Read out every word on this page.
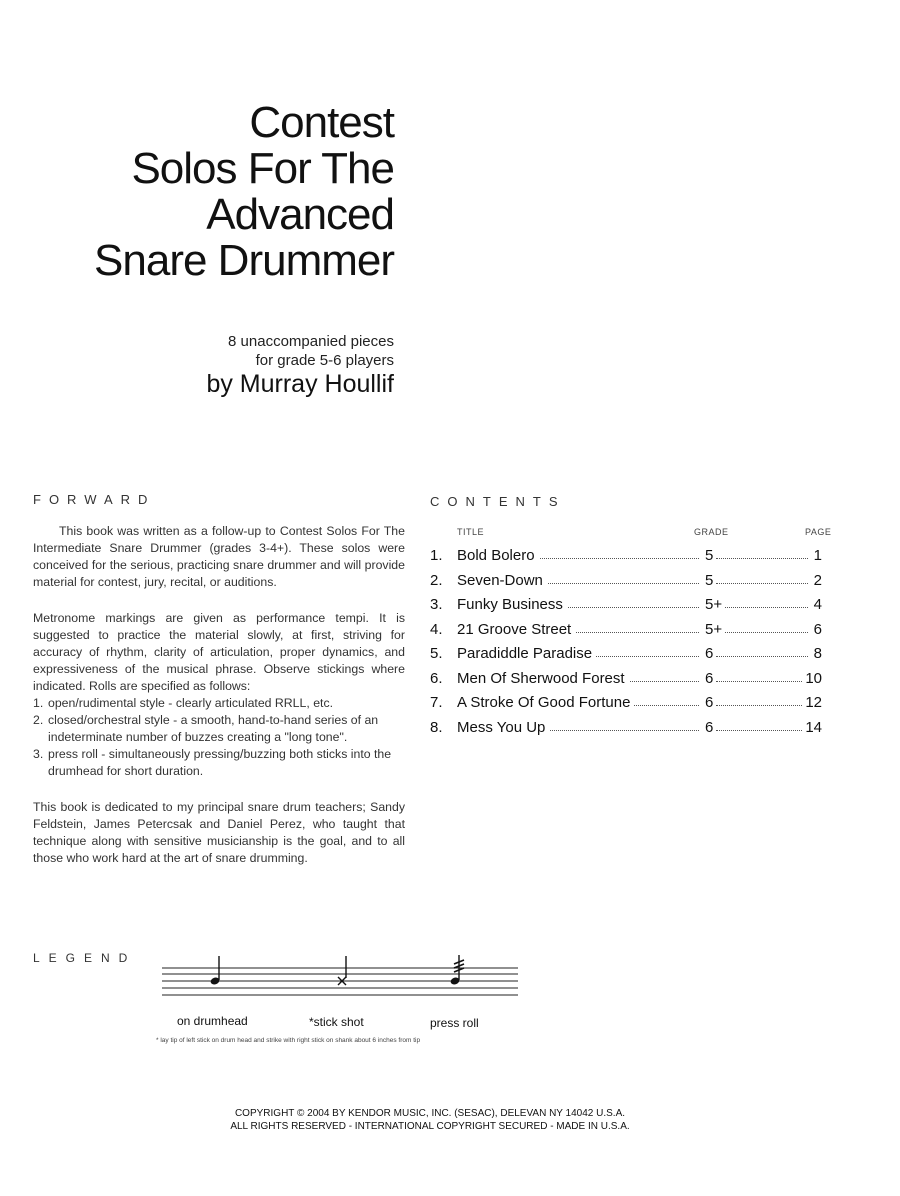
Contest
Solos For The
Advanced
Snare Drummer
8 unaccompanied pieces
for grade 5-6 players
by Murray Houllif
FORWARD

This book was written as a follow-up to Contest Solos For The Intermediate Snare Drummer (grades 3-4+). These solos were conceived for the serious, practicing snare drummer and will provide material for contest, jury, recital, or auditions.

Metronome markings are given as performance tempi. It is suggested to practice the material slowly, at first, striving for accuracy of rhythm, clarity of articulation, proper dynamics, and expressiveness of the musical phrase. Observe stickings where indicated. Rolls are specified as follows:

1. open/rudimental style - clearly articulated RRLL, etc.
2. closed/orchestral style - a smooth, hand-to-hand series of an indeterminate number of buzzes creating a "long tone".
3. press roll - simultaneously pressing/buzzing both sticks into the drumhead for short duration.

This book is dedicated to my principal snare drum teachers; Sandy Feldstein, James Petercsak and Daniel Perez, who taught that technique along with sensitive musicianship is the goal, and to all those who work hard at the art of snare drumming.

CONTENTS
TITLE	GRADE	PAGE
1. Bold Bolero	5	1
2. Seven-Down	5	2
3. Funky Business	5+	4
4. 21 Groove Street	5+	6
5. Paradiddle Paradise	6	8
6. Men Of Sherwood Forest	6	10
7. A Stroke Of Good Fortune	6	12
8. Mess You Up	6	14
LEGEND
on drumhead	*stick shot	press roll
* lay tip of left stick on drum head and strike with right stick on shank about 6 inches from tip
COPYRIGHT © 2004 BY KENDOR MUSIC, INC. (SESAC), DELEVAN NY 14042 U.S.A.
ALL RIGHTS RESERVED - INTERNATIONAL COPYRIGHT SECURED - MADE IN U.S.A.
